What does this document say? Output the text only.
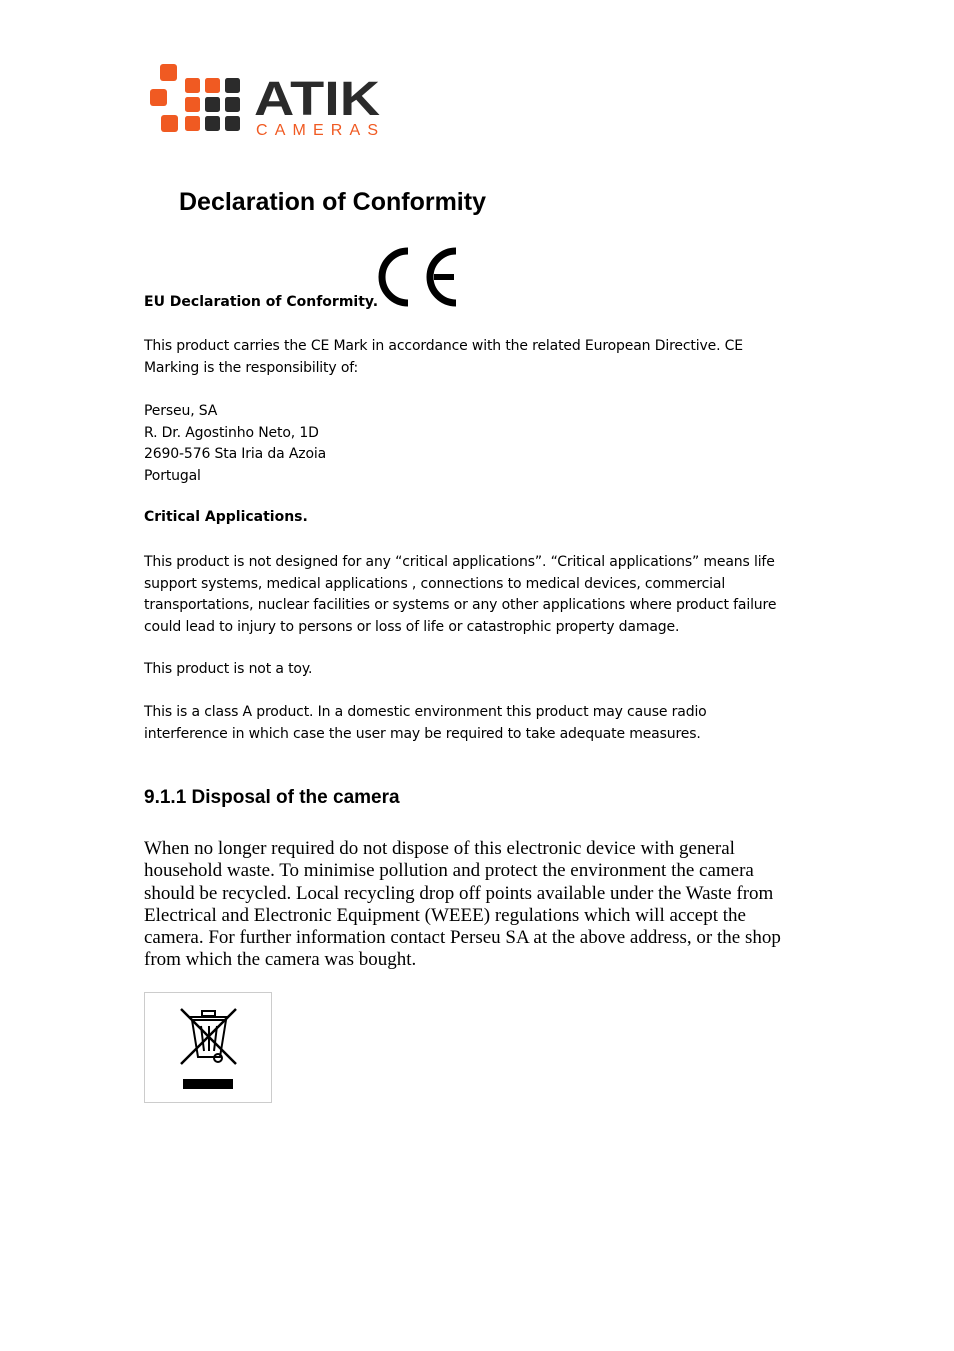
ATIK
CAMERAS
Declaration of Conformity
EU Declaration of Conformity.
This product carries the CE Mark in accordance with the related European Directive. CE
Marking is the responsibility of:
Perseu, SA
R. Dr. Agostinho Neto, 1D
2690-576 Sta Iria da Azoia
Portugal
Critical Applications.
This product is not designed for any “critical applications”. “Critical applications” means life
support systems, medical applications , connections to medical devices, commercial
transportations, nuclear facilities or systems or any other applications where product failure
could lead to injury to persons or loss of life or catastrophic property damage.
This product is not a toy.
This is a class A product. In a domestic environment this product may cause radio
interference in which case the user may be required to take adequate measures.
9.1.1 Disposal of the camera
When no longer required do not dispose of this electronic device with general
household waste. To minimise pollution and protect the environment the camera
should be recycled. Local recycling drop off points available under the Waste from
Electrical and Electronic Equipment (WEEE) regulations which will accept the
camera. For further information contact Perseu SA at the above address, or the shop
from which the camera was bought.
